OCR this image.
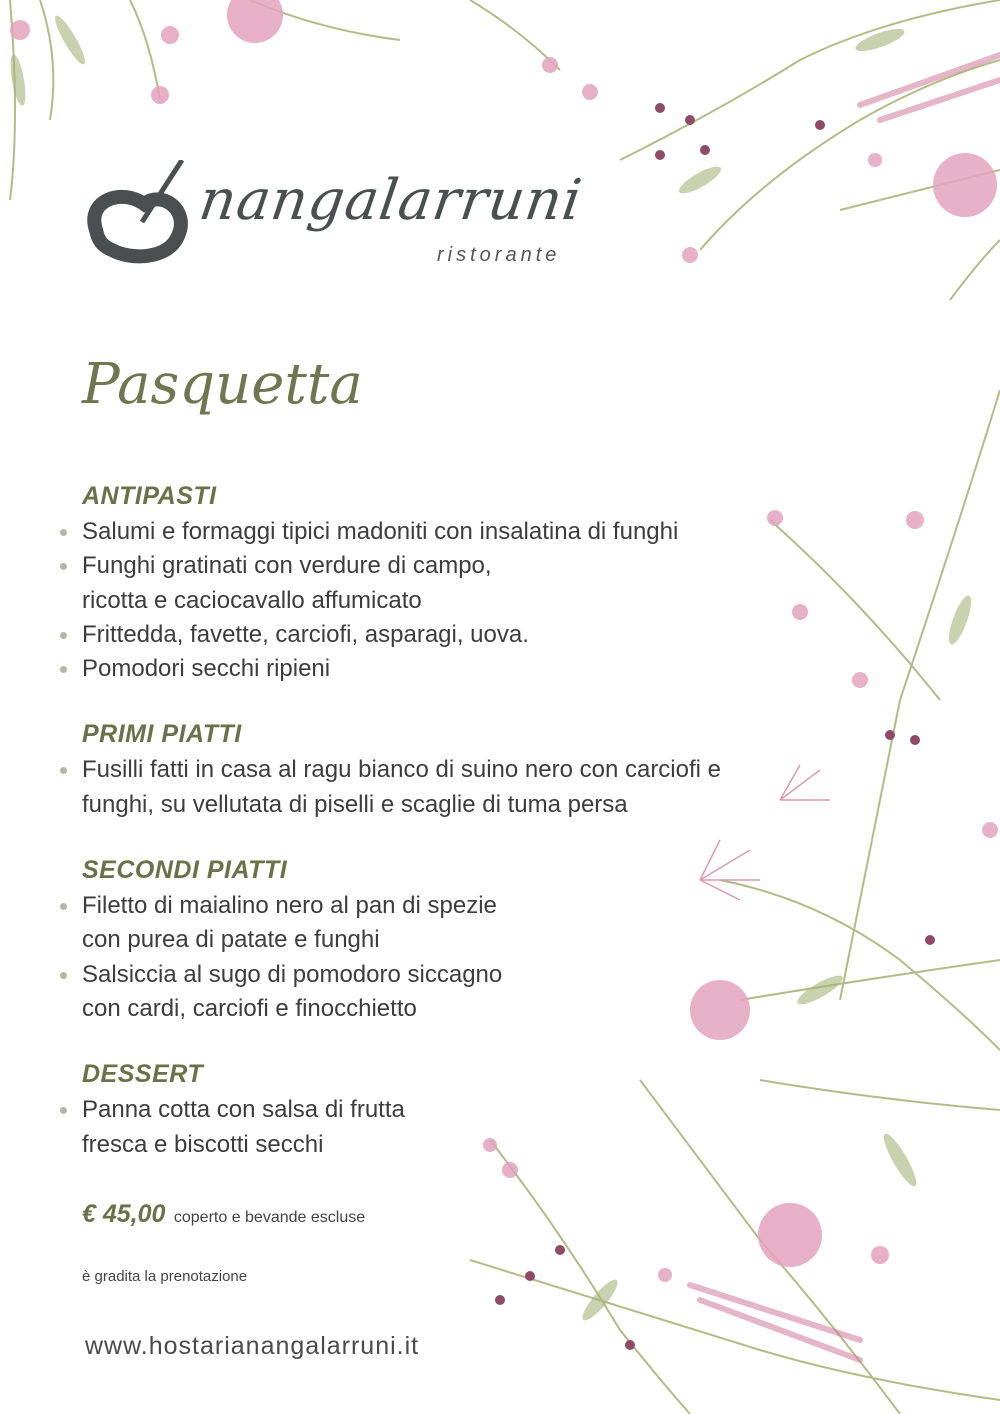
nangalarruni
ristorante
Pasquetta
ANTIPASTI
Salumi e formaggi tipici madoniti con insalatina di funghi
Funghi gratinati con verdure di campo,
ricotta e caciocavallo affumicato
Frittedda, favette, carciofi, asparagi, uova.
Pomodori secchi ripieni
PRIMI PIATTI
Fusilli fatti in casa al ragu bianco di suino nero con carciofi e
funghi, su vellutata di piselli e scaglie di tuma persa
SECONDI PIATTI
Filetto di maialino nero al pan di spezie
con purea di patate e funghi
Salsiccia al sugo di pomodoro siccagno
con cardi, carciofi e finocchietto
DESSERT
Panna cotta con salsa di frutta
fresca e biscotti secchi
€ 45,00 coperto e bevande escluse
è gradita la prenotazione
www.hostarianangalarruni.it
